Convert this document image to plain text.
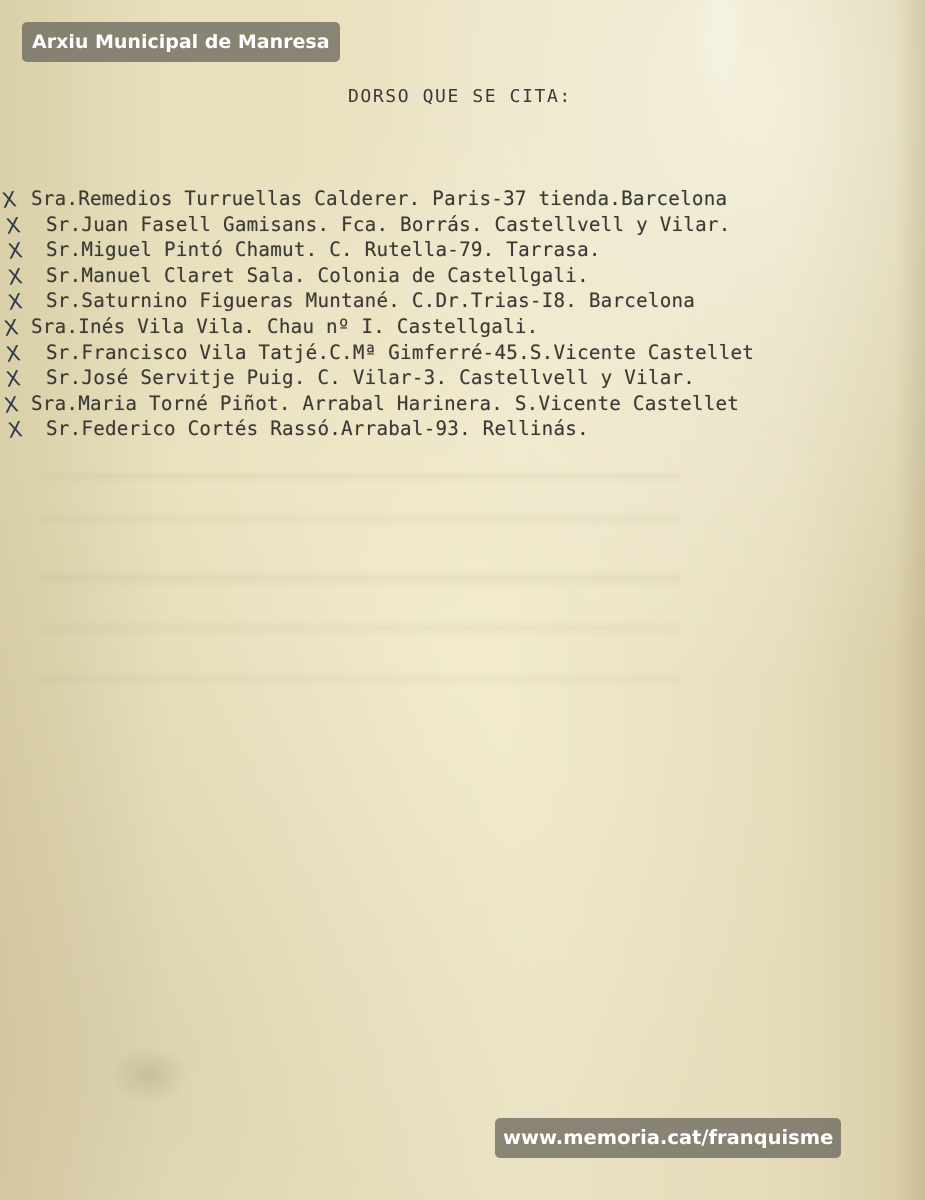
Arxiu Municipal de Manresa
DORSO QUE SE CITA:
X Sra.Remedios Turruellas Calderer. Paris-37 tienda.Barcelona
X Sr.Juan Fasell Gamisans. Fca. Borrás. Castellvell y Vilar.
X Sr.Miguel Pintó Chamut. C. Rutella-79. Tarrasa.
X Sr.Manuel Claret Sala. Colonia de Castellgali.
X Sr.Saturnino Figueras Muntané. C.Dr.Trias-I8. Barcelona
X Sra.Inés Vila Vila. Chau nº I. Castellgali.
X Sr.Francisco Vila Tatjé.C.Mª Gimferré-45.S.Vicente Castellet
X Sr.José Servitje Puig. C. Vilar-3. Castellvell y Vilar.
X Sra.Maria Torné Piñot. Arrabal Harinera. S.Vicente Castellet
X Sr.Federico Cortés Rassó.Arrabal-93. Rellinás.
www.memoria.cat/franquisme
